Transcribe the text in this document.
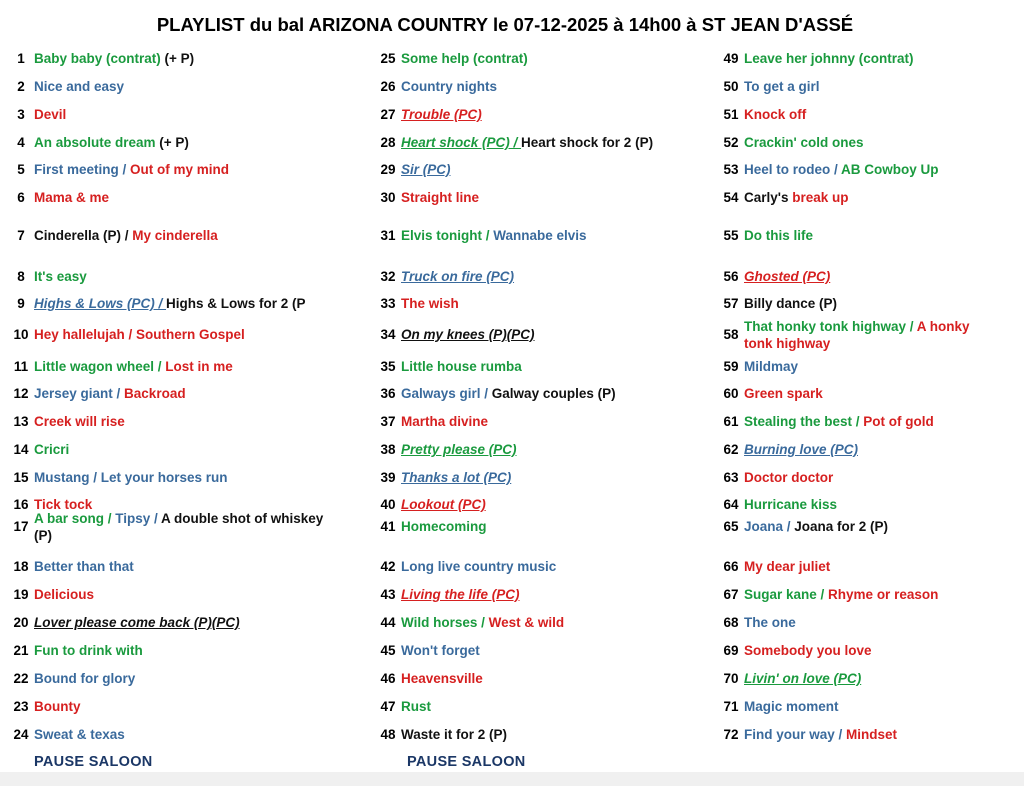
PLAYLIST du bal ARIZONA COUNTRY le 07-12-2025 à 14h00 à ST JEAN D'ASSÉ
1 Baby baby (contrat) (+ P)
2 Nice and easy
3 Devil
4 An absolute dream (+ P)
5 First meeting / Out of my mind
6 Mama & me
7 Cinderella (P) / My cinderella
8 It's easy
9 Highs & Lows (PC) / Highs & Lows for 2 (P
10 Hey hallelujah / Southern Gospel
11 Little wagon wheel / Lost in me
12 Jersey giant / Backroad
13 Creek will rise
14 Cricri
15 Mustang / Let your horses run
16 Tick tock
17
A bar song / Tipsy / A double shot of whiskey (P)
18 Better than that
19 Delicious
20 Lover please come back (P)(PC)
21 Fun to drink with
22 Bound for glory
23 Bounty
24 Sweat & texas
25 Some help (contrat)
26 Country nights
27 Trouble (PC)
28 Heart shock (PC) / Heart shock for 2 (P)
29 Sir (PC)
30 Straight line
31 Elvis tonight / Wannabe elvis
32 Truck on fire (PC)
33 The wish
34 On my knees (P)(PC)
35 Little house rumba
36 Galways girl / Galway couples (P)
37 Martha divine
38 Pretty please (PC)
39 Thanks a lot (PC)
40 Lookout (PC)
41 Homecoming
42 Long live country music
43 Living the life (PC)
44 Wild horses / West & wild
45 Won't forget
46 Heavensville
47 Rust
48 Waste it for 2 (P)
49 Leave her johnny (contrat)
50 To get a girl
51 Knock off
52 Crackin' cold ones
53 Heel to rodeo / AB Cowboy Up
54 Carly's break up
55 Do this life
56 Ghosted (PC)
57 Billy dance (P)
58
That honky tonk highway / A honky tonk highway
59 Mildmay
60 Green spark
61 Stealing the best / Pot of gold
62 Burning love (PC)
63 Doctor doctor
64 Hurricane kiss
65 Joana / Joana for 2 (P)
66 My dear juliet
67 Sugar kane / Rhyme or reason
68 The one
69 Somebody you love
70 Livin' on love (PC)
71 Magic moment
72 Find your way / Mindset
PAUSE SALOON	PAUSE SALOON
